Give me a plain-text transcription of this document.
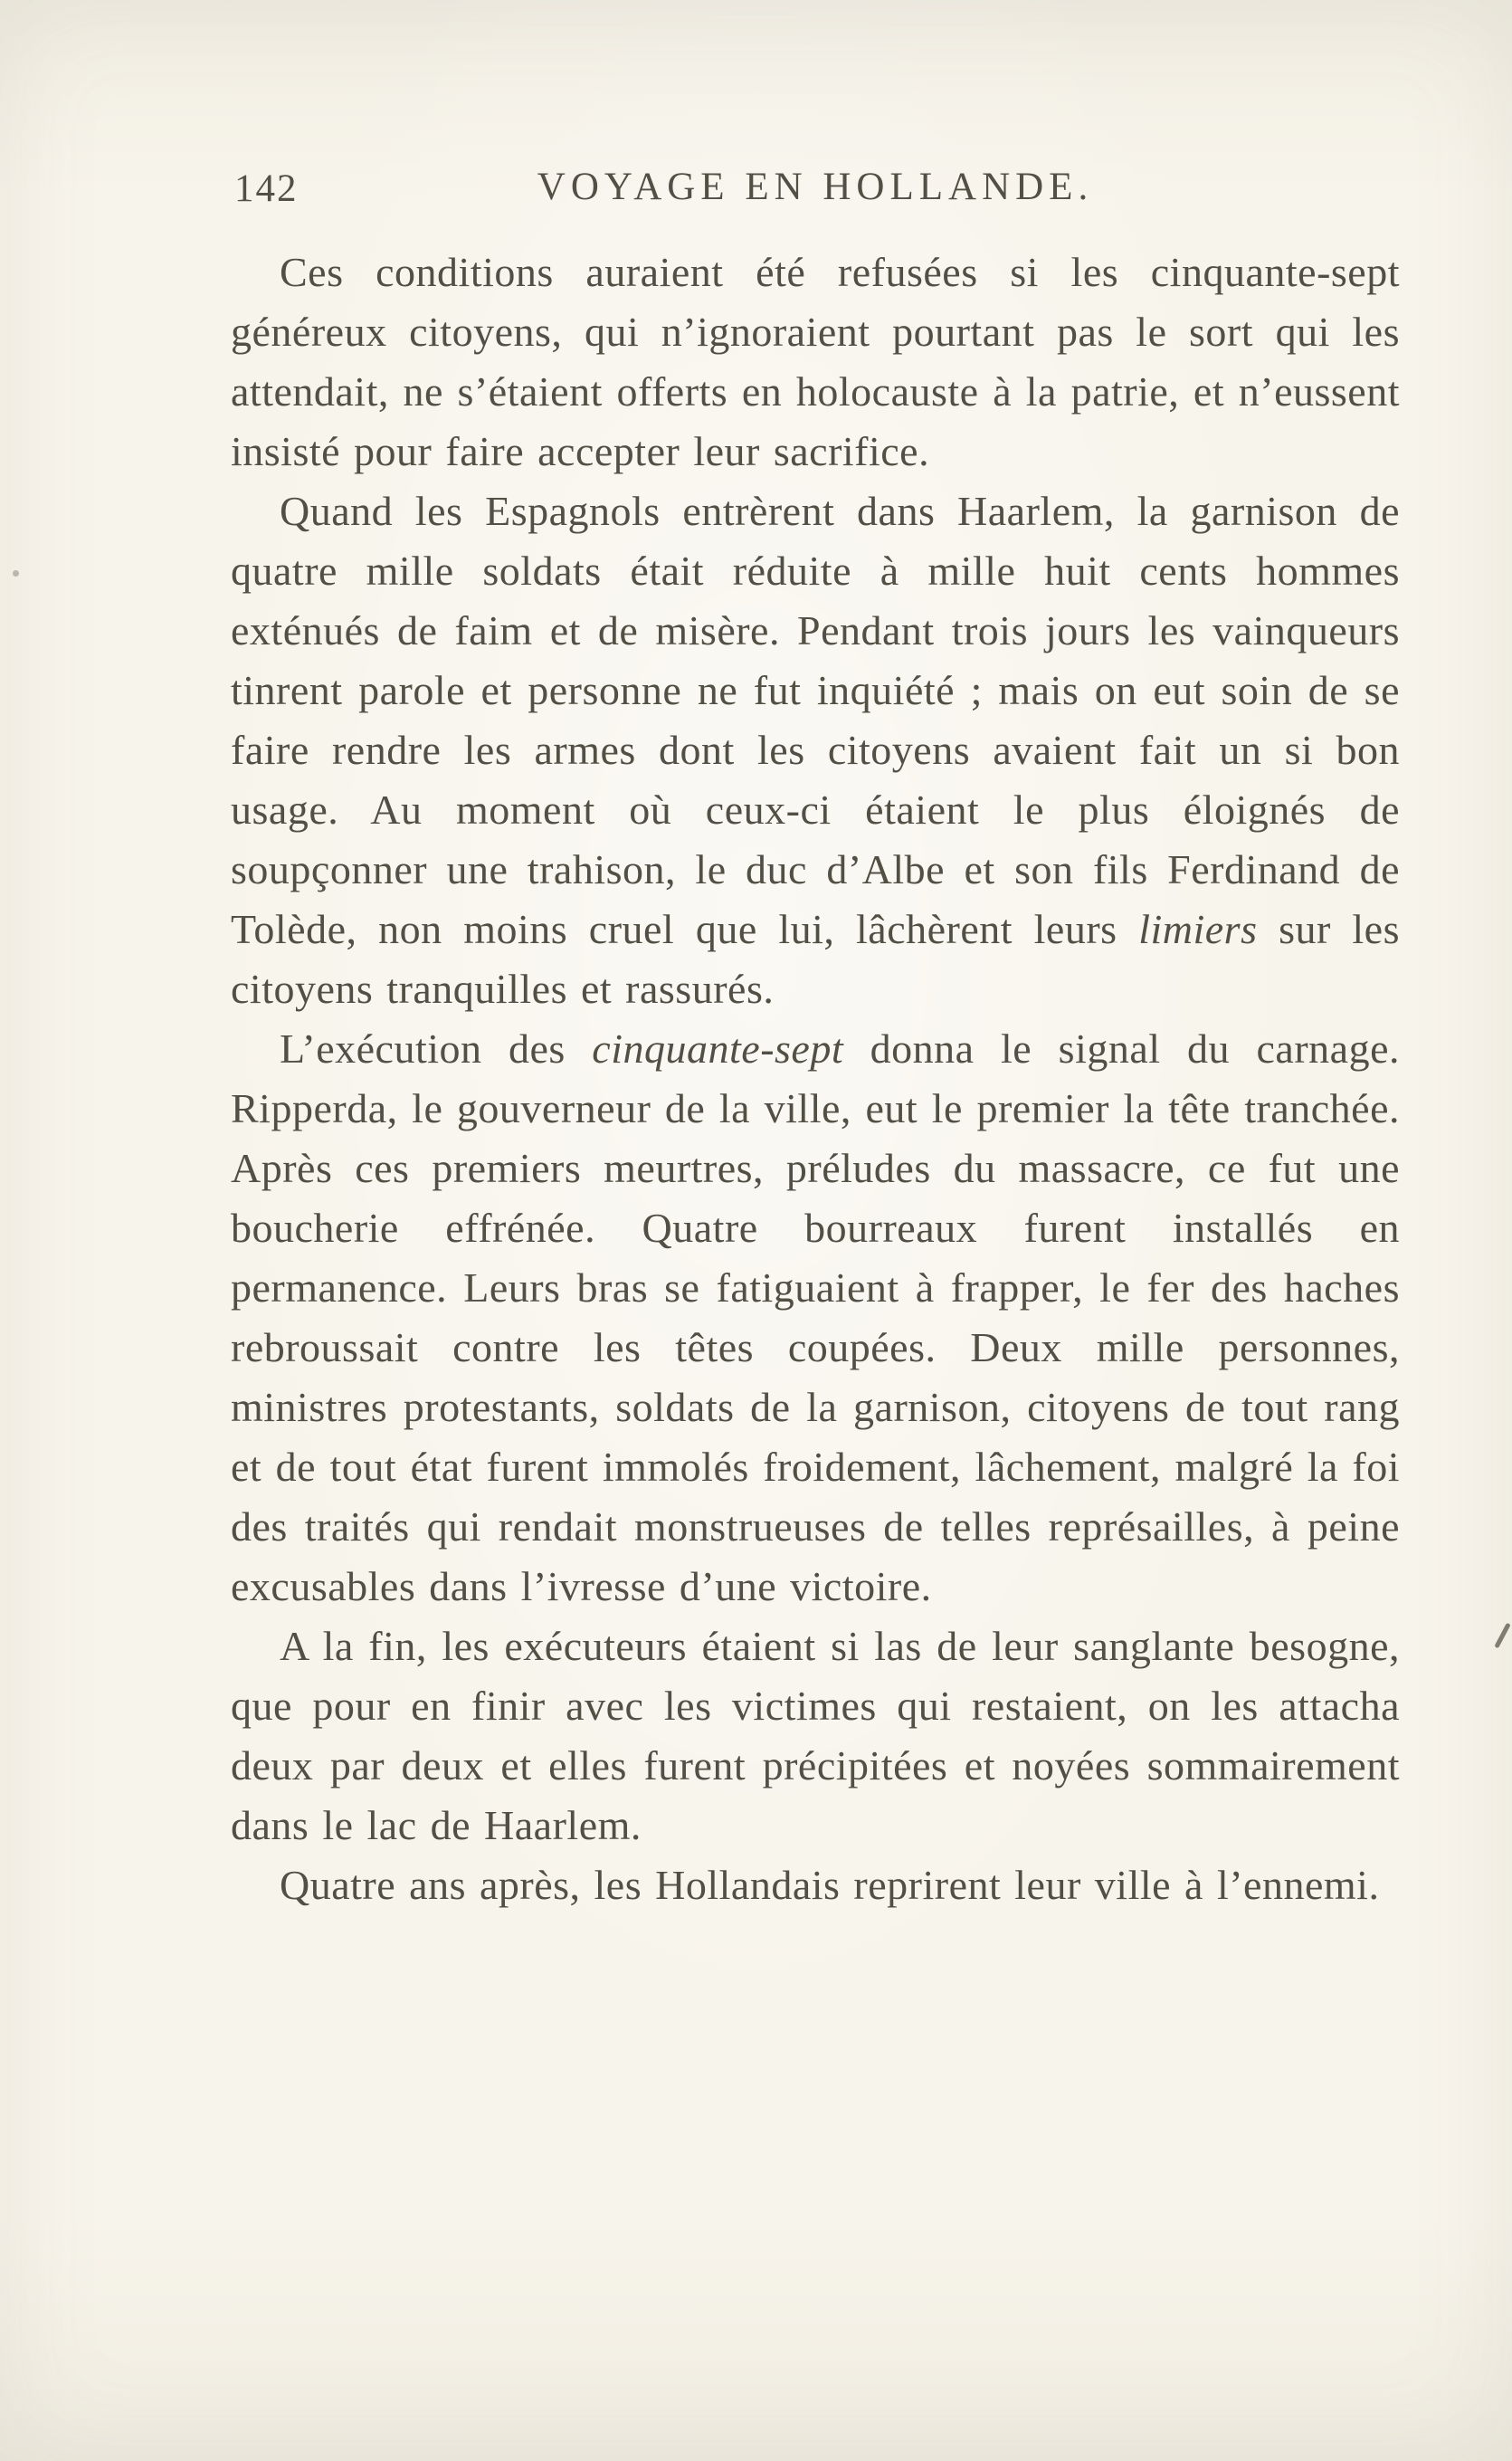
142	VOYAGE EN HOLLANDE.

Ces conditions auraient été refusées si les cinquante-sept généreux citoyens, qui n’ignoraient pourtant pas le sort qui les attendait, ne s’étaient offerts en holocauste à la patrie, et n’eussent insisté pour faire accepter leur sacrifice.

Quand les Espagnols entrèrent dans Haarlem, la garnison de quatre mille soldats était réduite à mille huit cents hommes exténués de faim et de misère. Pendant trois jours les vainqueurs tinrent parole et personne ne fut inquiété ; mais on eut soin de se faire rendre les armes dont les citoyens avaient fait un si bon usage. Au moment où ceux-ci étaient le plus éloignés de soupçonner une trahison, le duc d’Albe et son fils Ferdinand de Tolède, non moins cruel que lui, lâchèrent leurs limiers sur les citoyens tranquilles et rassurés.

L’exécution des cinquante-sept donna le signal du carnage. Ripperda, le gouverneur de la ville, eut le premier la tête tranchée. Après ces premiers meurtres, préludes du massacre, ce fut une boucherie effrénée. Quatre bourreaux furent installés en permanence. Leurs bras se fatiguaient à frapper, le fer des haches rebroussait contre les têtes coupées. Deux mille personnes, ministres protestants, soldats de la garnison, citoyens de tout rang et de tout état furent immolés froidement, lâchement, malgré la foi des traités qui rendait monstrueuses de telles représailles, à peine excusables dans l’ivresse d’une victoire.

A la fin, les exécuteurs étaient si las de leur sanglante besogne, que pour en finir avec les victimes qui restaient, on les attacha deux par deux et elles furent précipitées et noyées sommairement dans le lac de Haarlem.

Quatre ans après, les Hollandais reprirent leur ville à l’ennemi.
